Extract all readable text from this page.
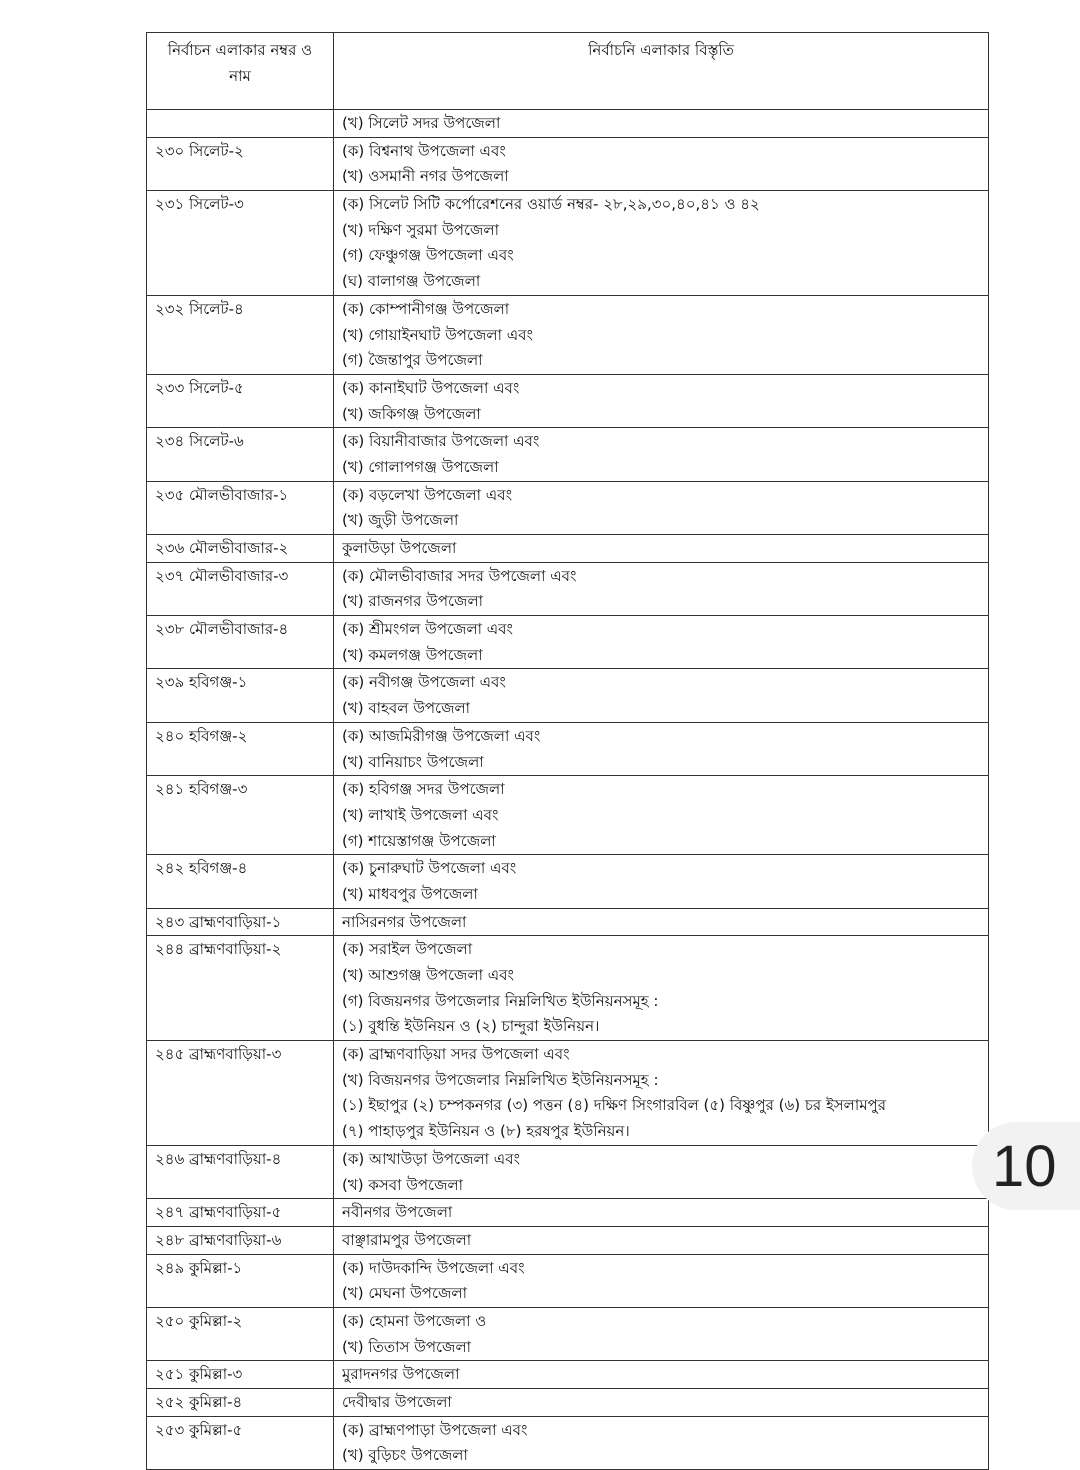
নির্বাচন এলাকার নম্বর ও নাম	নির্বাচনি এলাকার বিস্তৃতি

	(খ) সিলেট সদর উপজেলা

২৩০ সিলেট-২	(ক) বিশ্বনাথ উপজেলা এবং
(খ) ওসমানী নগর উপজেলা

২৩১ সিলেট-৩	(ক) সিলেট সিটি কর্পোরেশনের ওয়ার্ড নম্বর- ২৮,২৯,৩০,৪০,৪১ ও ৪২
(খ) দক্ষিণ সুরমা উপজেলা
(গ) ফেঞ্চুগঞ্জ উপজেলা এবং
(ঘ) বালাগঞ্জ উপজেলা

২৩২ সিলেট-৪	(ক) কোম্পানীগঞ্জ উপজেলা
(খ) গোয়াইনঘাট উপজেলা এবং
(গ) জৈন্তাপুর উপজেলা

২৩৩ সিলেট-৫	(ক) কানাইঘাট উপজেলা এবং
(খ) জকিগঞ্জ উপজেলা

২৩৪ সিলেট-৬	(ক) বিয়ানীবাজার উপজেলা এবং
(খ) গোলাপগঞ্জ উপজেলা

২৩৫ মৌলভীবাজার-১	(ক) বড়লেখা উপজেলা এবং
(খ) জুড়ী উপজেলা

২৩৬ মৌলভীবাজার-২	কুলাউড়া উপজেলা

২৩৭ মৌলভীবাজার-৩	(ক) মৌলভীবাজার সদর উপজেলা এবং
(খ) রাজনগর উপজেলা

২৩৮ মৌলভীবাজার-৪	(ক) শ্রীমংগল উপজেলা এবং
(খ) কমলগঞ্জ উপজেলা

২৩৯ হবিগঞ্জ-১	(ক) নবীগঞ্জ উপজেলা এবং
(খ) বাহবল উপজেলা

২৪০ হবিগঞ্জ-২	(ক) আজমিরীগঞ্জ উপজেলা এবং
(খ) বানিয়াচং উপজেলা

২৪১ হবিগঞ্জ-৩	(ক) হবিগঞ্জ সদর উপজেলা
(খ) লাখাই উপজেলা এবং
(গ) শায়েস্তাগঞ্জ উপজেলা

২৪২ হবিগঞ্জ-৪	(ক) চুনারুঘাট উপজেলা এবং
(খ) মাধবপুর উপজেলা

২৪৩ ব্রাহ্মণবাড়িয়া-১	নাসিরনগর উপজেলা

২৪৪ ব্রাহ্মণবাড়িয়া-২	(ক) সরাইল উপজেলা
(খ) আশুগঞ্জ উপজেলা এবং
(গ) বিজয়নগর উপজেলার নিম্নলিখিত ইউনিয়নসমূহ :
(১) বুধন্তি ইউনিয়ন ও (২) চান্দুরা ইউনিয়ন।

২৪৫ ব্রাহ্মণবাড়িয়া-৩	(ক) ব্রাহ্মণবাড়িয়া সদর উপজেলা এবং
(খ) বিজয়নগর উপজেলার নিম্নলিখিত ইউনিয়নসমূহ :
(১) ইছাপুর (২) চম্পকনগর (৩) পত্তন (৪) দক্ষিণ সিংগারবিল (৫) বিষ্ণুপুর (৬) চর ইসলামপুর
(৭) পাহাড়পুর ইউনিয়ন ও (৮) হরষপুর ইউনিয়ন।

২৪৬ ব্রাহ্মণবাড়িয়া-৪	(ক) আখাউড়া উপজেলা এবং
(খ) কসবা উপজেলা

২৪৭ ব্রাহ্মণবাড়িয়া-৫	নবীনগর উপজেলা

২৪৮ ব্রাহ্মণবাড়িয়া-৬	বাঞ্ছারামপুর উপজেলা

২৪৯ কুমিল্লা-১	(ক) দাউদকান্দি উপজেলা এবং
(খ) মেঘনা উপজেলা

২৫০ কুমিল্লা-২	(ক) হোমনা উপজেলা ও
(খ) তিতাস উপজেলা

২৫১ কুমিল্লা-৩	মুরাদনগর উপজেলা

২৫২ কুমিল্লা-৪	দেবীদ্বার উপজেলা

২৫৩ কুমিল্লা-৫	(ক) ব্রাহ্মণপাড়া উপজেলা এবং
(খ) বুড়িচং উপজেলা
10
